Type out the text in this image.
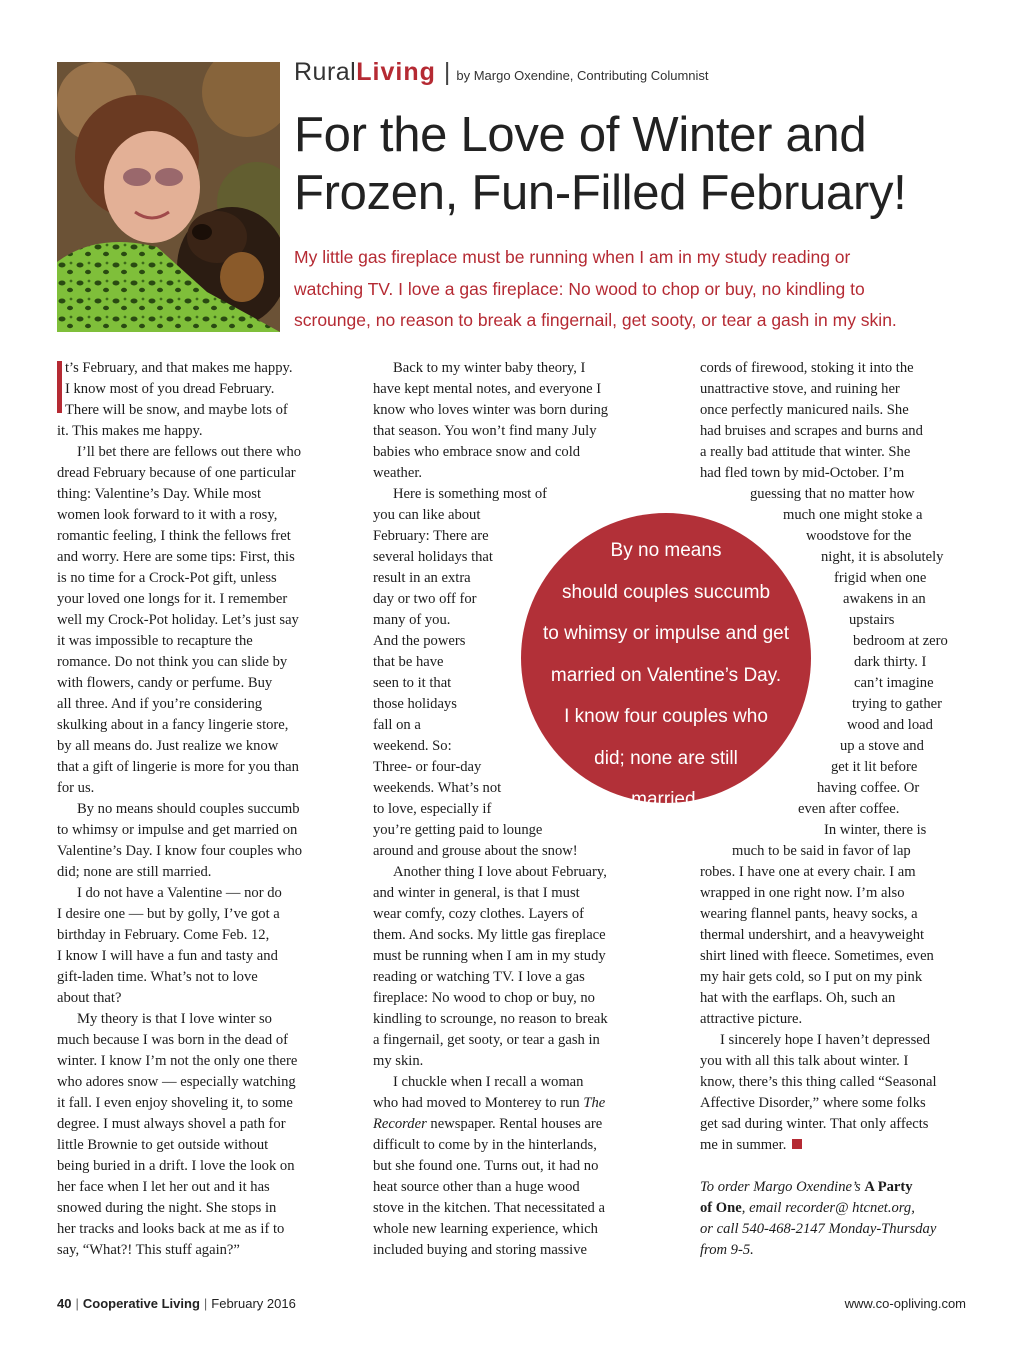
RuralLiving | by Margo Oxendine, Contributing Columnist
For the Love of Winter and
Frozen, Fun-Filled February!
My little gas fireplace must be running when I am in my study reading or
watching TV. I love a gas fireplace: No wood to chop or buy, no kindling to
scrounge, no reason to break a fingernail, get sooty, or tear a gash in my skin.
t’s February, and that makes me happy.
I know most of you dread February.
There will be snow, and maybe lots of
it. This makes me happy.
I’ll bet there are fellows out there who
dread February because of one particular
thing: Valentine’s Day. While most
women look forward to it with a rosy,
romantic feeling, I think the fellows fret
and worry. Here are some tips: First, this
is no time for a Crock-Pot gift, unless
your loved one longs for it. I remember
well my Crock-Pot holiday. Let’s just say
it was impossible to recapture the
romance. Do not think you can slide by
with flowers, candy or perfume. Buy
all three. And if you’re considering
skulking about in a fancy lingerie store,
by all means do. Just realize we know
that a gift of lingerie is more for you than
for us.
By no means should couples succumb
to whimsy or impulse and get married on
Valentine’s Day. I know four couples who
did; none are still married.
I do not have a Valentine — nor do
I desire one — but by golly, I’ve got a
birthday in February. Come Feb. 12,
I know I will have a fun and tasty and
gift-laden time. What’s not to love
about that?
My theory is that I love winter so
much because I was born in the dead of
winter. I know I’m not the only one there
who adores snow — especially watching
it fall. I even enjoy shoveling it, to some
degree. I must always shovel a path for
little Brownie to get outside without
being buried in a drift. I love the look on
her face when I let her out and it has
snowed during the night. She stops in
her tracks and looks back at me as if to
say, “What?! This stuff again?”
Back to my winter baby theory, I
have kept mental notes, and everyone I
know who loves winter was born during
that season. You won’t find many July
babies who embrace snow and cold
weather.
Here is something most of
you can like about
February: There are
several holidays that
result in an extra
day or two off for
many of you.
And the powers
that be have
seen to it that
those holidays
fall on a
weekend. So:
Three- or four-day
weekends. What’s not
to love, especially if
you’re getting paid to lounge
around and grouse about the snow!
Another thing I love about February,
and winter in general, is that I must
wear comfy, cozy clothes. Layers of
them. And socks. My little gas fireplace
must be running when I am in my study
reading or watching TV. I love a gas
fireplace: No wood to chop or buy, no
kindling to scrounge, no reason to break
a fingernail, get sooty, or tear a gash in
my skin.
I chuckle when I recall a woman
who had moved to Monterey to run The
Recorder newspaper. Rental houses are
difficult to come by in the hinterlands,
but she found one. Turns out, it had no
heat source other than a huge wood
stove in the kitchen. That necessitated a
whole new learning experience, which
included buying and storing massive
cords of firewood, stoking it into the
unattractive stove, and ruining her
once perfectly manicured nails. She
had bruises and scrapes and burns and
a really bad attitude that winter. She
had fled town by mid-October. I’m
guessing that no matter how
much one might stoke a
woodstove for the
night, it is absolutely
frigid when one
awakens in an
upstairs
bedroom at zero
dark thirty. I
can’t imagine
trying to gather
wood and load
up a stove and
get it lit before
having coffee. Or
even after coffee.
In winter, there is
much to be said in favor of lap
robes. I have one at every chair. I am
wrapped in one right now. I’m also
wearing flannel pants, heavy socks, a
thermal undershirt, and a heavyweight
shirt lined with fleece. Sometimes, even
my hair gets cold, so I put on my pink
hat with the earflaps. Oh, such an
attractive picture.
I sincerely hope I haven’t depressed
you with all this talk about winter. I
know, there’s this thing called “Seasonal
Affective Disorder,” where some folks
get sad during winter. That only affects
me in summer.
To order Margo Oxendine’s A Party
of One, email recorder@ htcnet.org,
or call 540-468-2147 Monday-Thursday
from 9-5.
By no means
should couples succumb
to whimsy or impulse and get
married on Valentine’s Day.
I know four couples who
did; none are still
married.
40 | Cooperative Living | February 2016	www.co-opliving.com
